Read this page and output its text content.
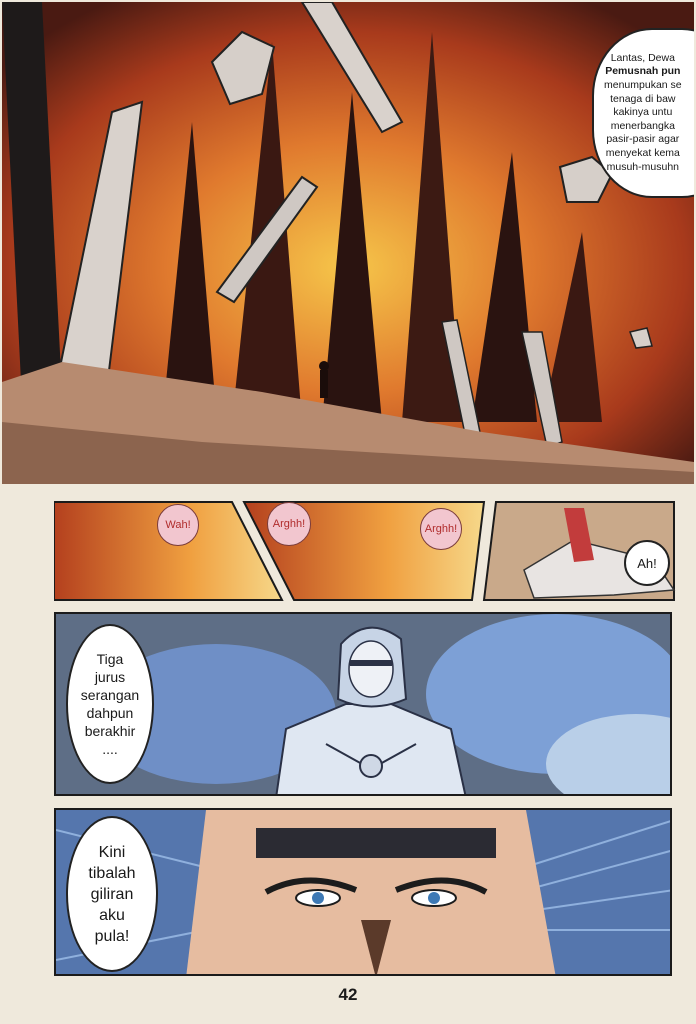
Lantas, Dewa
Pemusnah pun
menumpukan se
tenaga di baw
kakinya untu
menerbangka
pasir-pasir agar
menyekat kema
musuh-musuhn
Wah!	Arghh!	Arghh!
Ah!
Tiga
jurus
serangan
dahpun
berakhir
....
Kini
tibalah
giliran
aku
pula!
42
